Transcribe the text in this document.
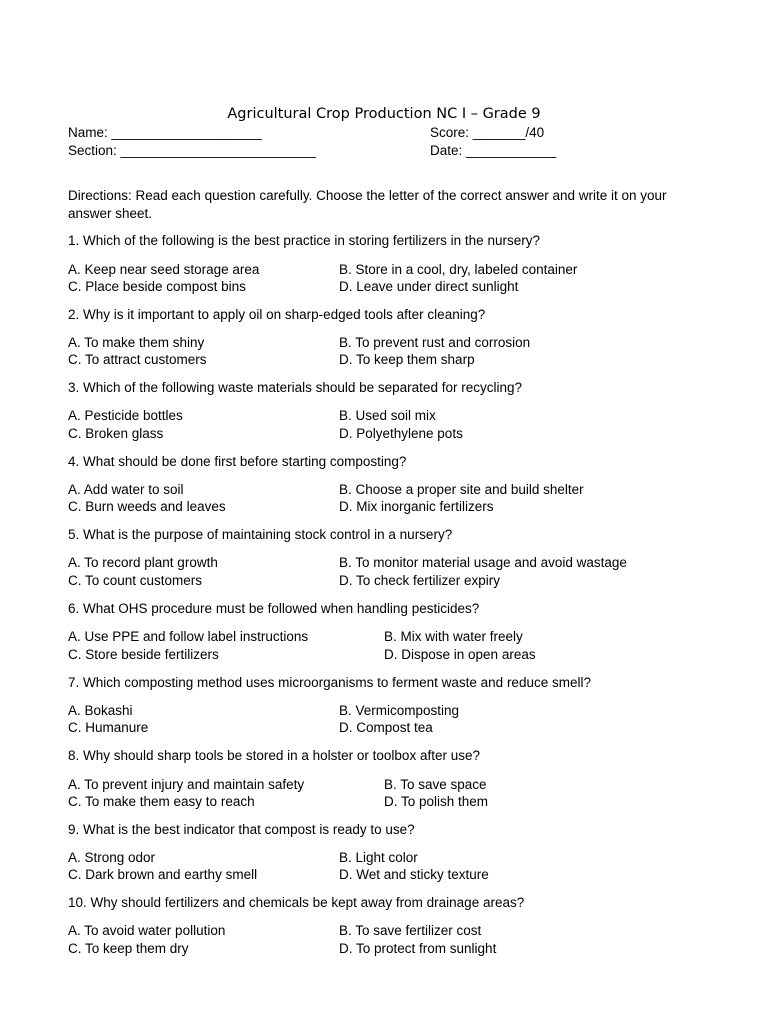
Agricultural Crop Production NC I – Grade 9
Name: ____________________	Score: _______/40
Section: __________________________	Date: ____________
Directions: Read each question carefully. Choose the letter of the correct answer and write it on your answer sheet.
1. Which of the following is the best practice in storing fertilizers in the nursery?
A. Keep near seed storage area	B. Store in a cool, dry, labeled container
C. Place beside compost bins	D. Leave under direct sunlight
2. Why is it important to apply oil on sharp-edged tools after cleaning?
A. To make them shiny	B. To prevent rust and corrosion
C. To attract customers	D. To keep them sharp
3. Which of the following waste materials should be separated for recycling?
A. Pesticide bottles	B. Used soil mix
C. Broken glass	D. Polyethylene pots
4. What should be done first before starting composting?
A. Add water to soil	B. Choose a proper site and build shelter
C. Burn weeds and leaves	D. Mix inorganic fertilizers
5. What is the purpose of maintaining stock control in a nursery?
A. To record plant growth	B. To monitor material usage and avoid wastage
C. To count customers	D. To check fertilizer expiry
6. What OHS procedure must be followed when handling pesticides?
A. Use PPE and follow label instructions	B. Mix with water freely
C. Store beside fertilizers	D. Dispose in open areas
7. Which composting method uses microorganisms to ferment waste and reduce smell?
A. Bokashi	B. Vermicomposting
C. Humanure	D. Compost tea
8. Why should sharp tools be stored in a holster or toolbox after use?
A. To prevent injury and maintain safety	B. To save space
C. To make them easy to reach	D. To polish them
9. What is the best indicator that compost is ready to use?
A. Strong odor	B. Light color
C. Dark brown and earthy smell	D. Wet and sticky texture
10. Why should fertilizers and chemicals be kept away from drainage areas?
A. To avoid water pollution	B. To save fertilizer cost
C. To keep them dry	D. To protect from sunlight
